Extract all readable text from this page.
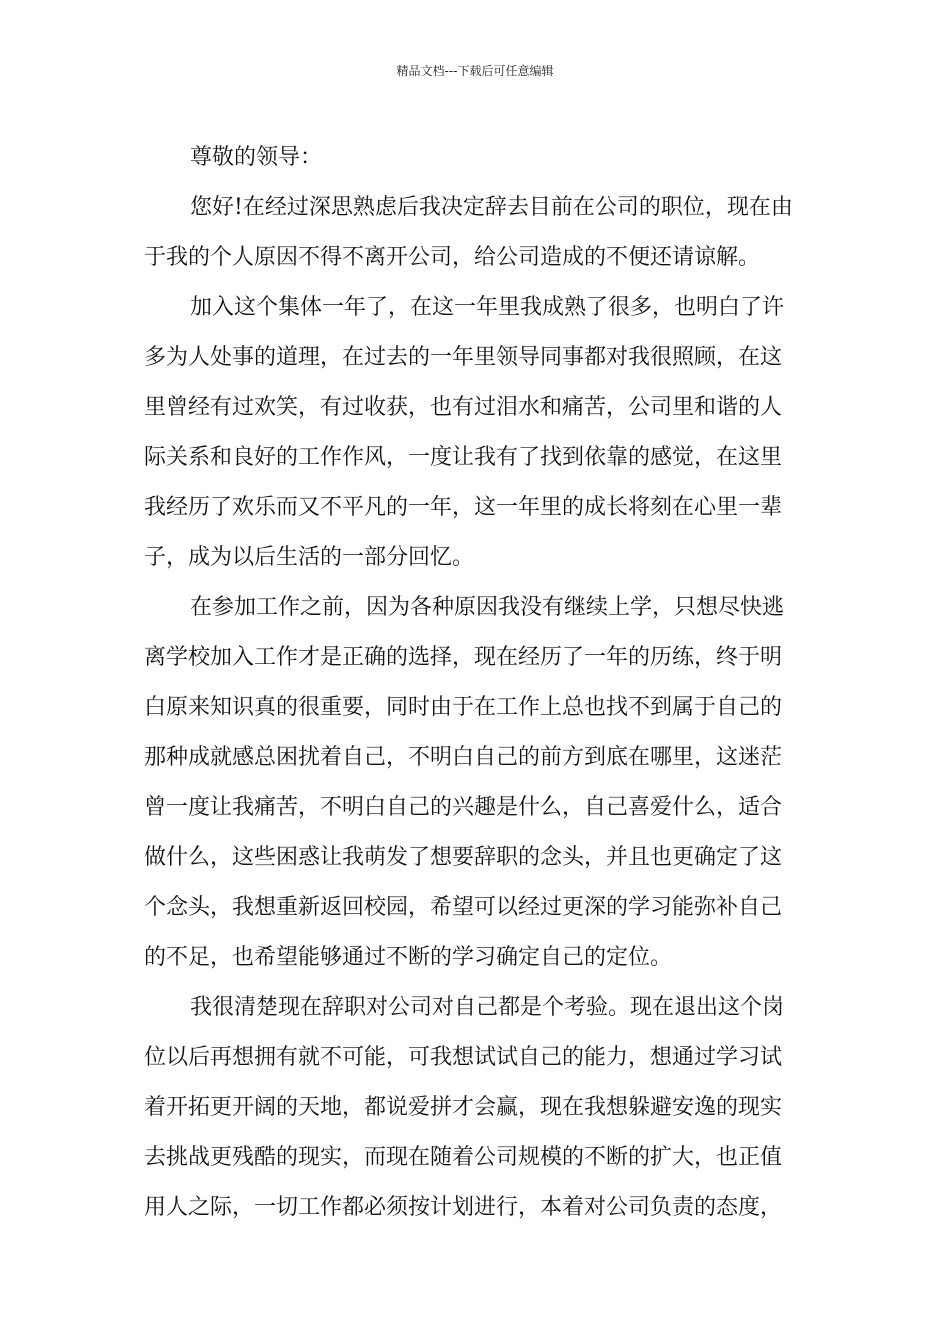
精品文档---下载后可任意编辑
尊敬的领导：
您好!在经过深思熟虑后我决定辞去目前在公司的职位，现在由
于我的个人原因不得不离开公司，给公司造成的不便还请谅解。
加入这个集体一年了，在这一年里我成熟了很多，也明白了许
多为人处事的道理，在过去的一年里领导同事都对我很照顾，在这
里曾经有过欢笑，有过收获，也有过泪水和痛苦，公司里和谐的人
际关系和良好的工作作风，一度让我有了找到依靠的感觉，在这里
我经历了欢乐而又不平凡的一年，这一年里的成长将刻在心里一辈
子，成为以后生活的一部分回忆。
在参加工作之前，因为各种原因我没有继续上学，只想尽快逃
离学校加入工作才是正确的选择，现在经历了一年的历练，终于明
白原来知识真的很重要，同时由于在工作上总也找不到属于自己的
那种成就感总困扰着自己，不明白自己的前方到底在哪里，这迷茫
曾一度让我痛苦，不明白自己的兴趣是什么，自己喜爱什么，适合
做什么，这些困惑让我萌发了想要辞职的念头，并且也更确定了这
个念头，我想重新返回校园，希望可以经过更深的学习能弥补自己
的不足，也希望能够通过不断的学习确定自己的定位。
我很清楚现在辞职对公司对自己都是个考验。现在退出这个岗
位以后再想拥有就不可能，可我想试试自己的能力，想通过学习试
着开拓更开阔的天地，都说爱拼才会赢，现在我想躲避安逸的现实
去挑战更残酷的现实，而现在随着公司规模的不断的扩大，也正值
用人之际，一切工作都必须按计划进行，本着对公司负责的态度，
